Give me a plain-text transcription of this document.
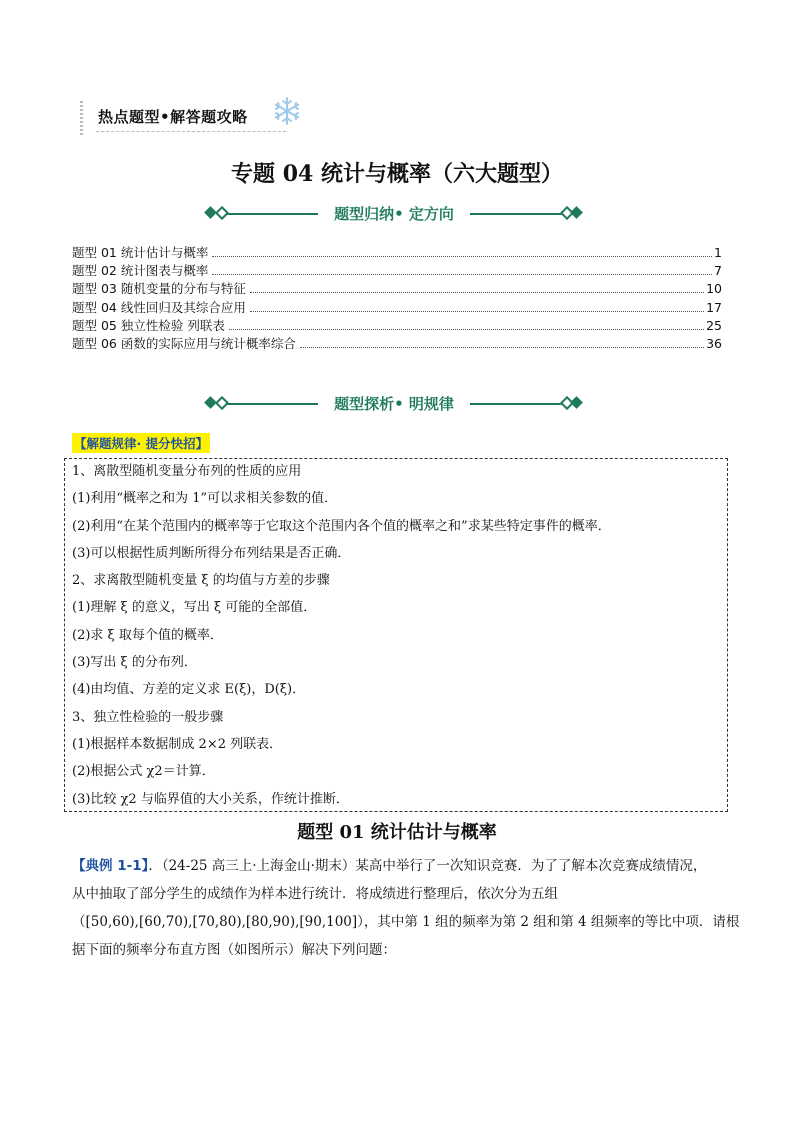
热点题型•解答题攻略
专题 04 统计与概率（六大题型）
题型归纳• 定方向
题型 01 统计估计与概率	1
题型 02 统计图表与概率	7
题型 03 随机变量的分布与特征	10
题型 04 线性回归及其综合应用	17
题型 05 独立性检验 列联表	25
题型 06 函数的实际应用与统计概率综合	36
题型探析• 明规律
【解题规律· 提分快招】
1、离散型随机变量分布列的性质的应用
(1)利用“概率之和为 1”可以求相关参数的值．
(2)利用“在某个范围内的概率等于它取这个范围内各个值的概率之和”求某些特定事件的概率．
(3)可以根据性质判断所得分布列结果是否正确．
2、求离散型随机变量 ξ 的均值与方差的步骤
(1)理解 ξ 的意义，写出 ξ 可能的全部值．
(2)求 ξ 取每个值的概率．
(3)写出 ξ 的分布列．
(4)由均值、方差的定义求 E(ξ)，D(ξ)．
3、独立性检验的一般步骤
(1)根据样本数据制成 2×2 列联表．
(2)根据公式 χ2＝计算．
(3)比较 χ2 与临界值的大小关系，作统计推断．
题型 01 统计估计与概率
【典例 1-1】．（24-25 高三上·上海金山·期末）某高中举行了一次知识竞赛．为了了解本次竞赛成绩情况，
从中抽取了部分学生的成绩作为样本进行统计．将成绩进行整理后，依次分为五组
（[50,60),[60,70),[70,80),[80,90),[90,100]），其中第 1 组的频率为第 2 组和第 4 组频率的等比中项．请根
据下面的频率分布直方图（如图所示）解决下列问题：
